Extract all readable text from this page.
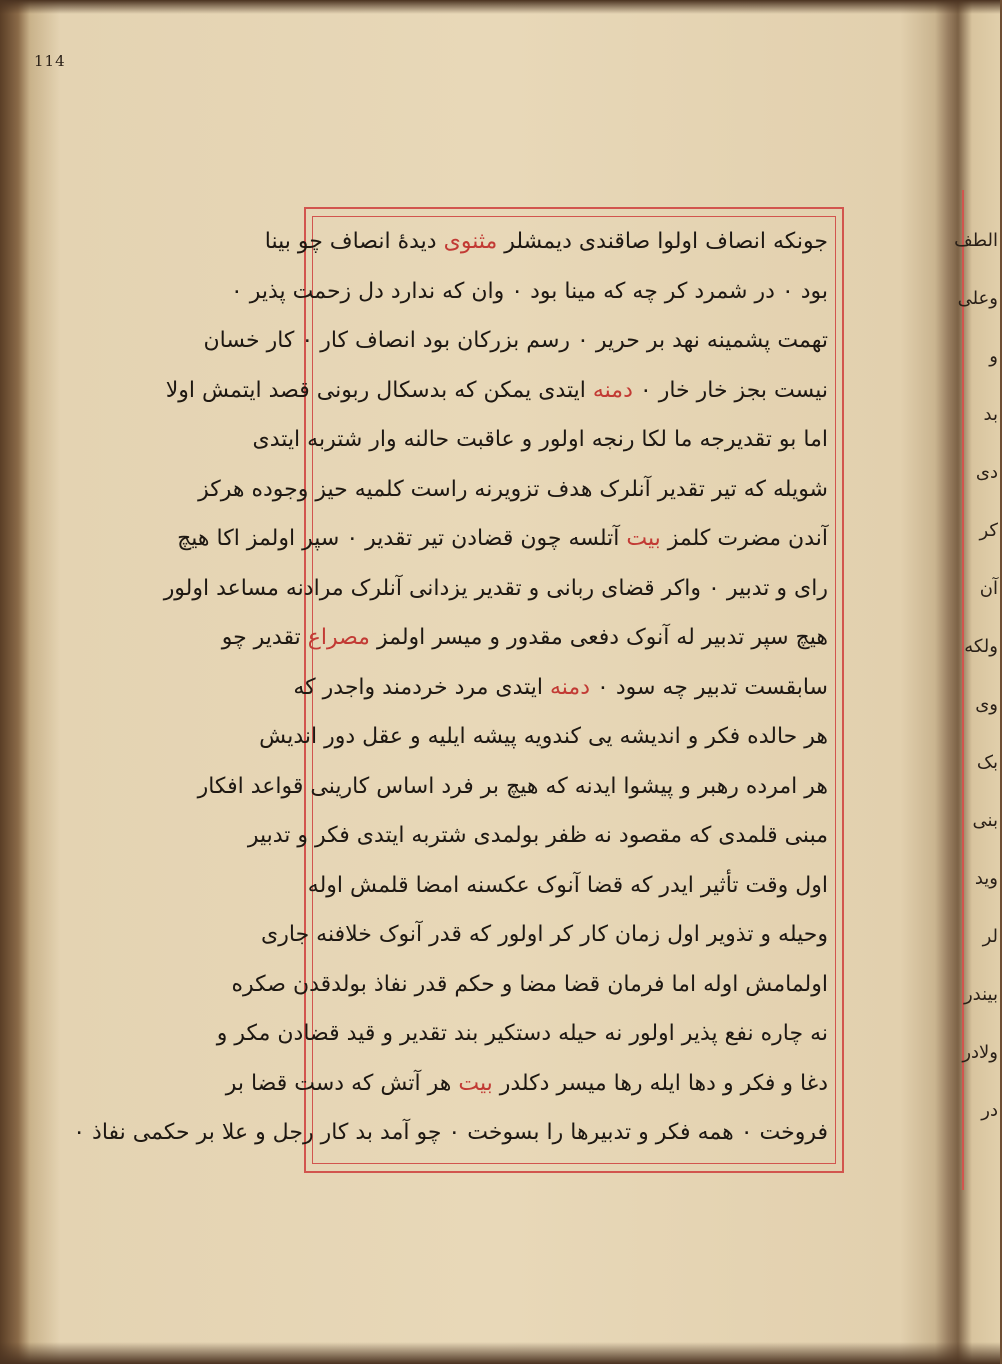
114
جونکه انصاف اولوا صاقندی دیمشلر مثنوی دیدۀ انصاف چو بینا
بود ۰ در شمرد کر چه که مینا بود ۰ وان که ندارد دل زحمت پذیر ۰
تهمت پشمینه نهد بر حریر ۰ رسم بزرکان بود انصاف کار ۰ کار خسان
نیست بجز خار خار ۰ دمنه ایتدی یمکن که بدسکال ربونی قصد ایتمش اولا
اما بو تقدیرجه ما لکا رنجه اولور و عاقبت حالنه وار شتربه ایتدی
شویله که تیر تقدیر آنلرک هدف تزویرنه راست کلمیه حیز وجوده هرکز
آندن مضرت کلمز بیت آتلسه چون قضادن تیر تقدیر ۰ سپر اولمز اکا هیچ
رای و تدبیر ۰ واکر قضای ربانی و تقدیر یزدانی آنلرک مرادنه مساعد اولور
هیچ سپر تدبیر له آنوک دفعی مقدور و میسر اولمز مصراع تقدیر چو
سابقست تدبیر چه سود ۰ دمنه ایتدی مرد خردمند واجدر که
هر حالده فکر و اندیشه یی کندویه پیشه ایلیه و عقل دور اندیش
هر امرده رهبر و پیشوا ایدنه که هیچ بر فرد اساس کارینی قواعد افکار
مبنی قلمدی که مقصود نه ظفر بولمدی شتربه ایتدی فکر و تدبیر
اول وقت تأثیر ایدر که قضا آنوک عکسنه امضا قلمش اوله
وحیله و تذویر اول زمان کار کر اولور که قدر آنوک خلافنه جاری
اولمامش اوله اما فرمان قضا مضا و حکم قدر نفاذ بولدقدن صکره
نه چاره نفع پذیر اولور نه حیله دستکیر بند تقدیر و قید قضادن مکر و
دغا و فکر و دها ایله رها میسر دکلدر بیت هر آتش که دست قضا بر
فروخت ۰ همه فکر و تدبیرها را بسوخت ۰ چو آمد بد کار رجل و علا بر حکمی نفاذ ۰
الطف
وعلی
و
بد
دی
کر
آن
ولکه
وی
بک
بنی
وید
لر
بیندر
ولادر
در
